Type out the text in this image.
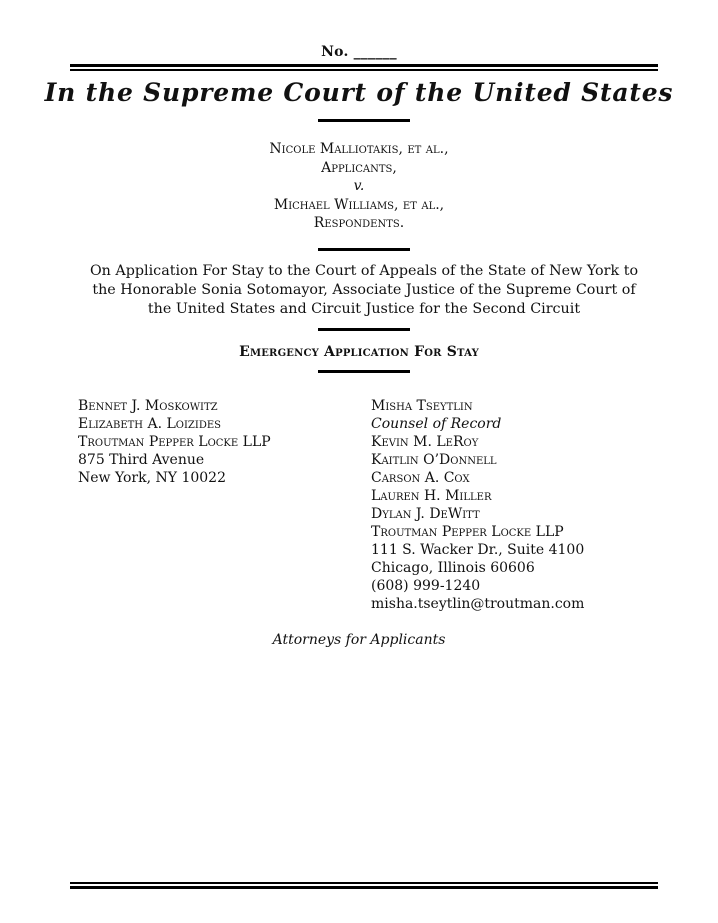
No. ______
In the Supreme Court of the United States
Nicole Malliotakis, et al.,
Applicants,
v.
Michael Williams, et al.,
Respondents.
On Application For Stay to the Court of Appeals of the State of New York to the Honorable Sonia Sotomayor, Associate Justice of the Supreme Court of the United States and Circuit Justice for the Second Circuit
Emergency Application For Stay
Bennet J. Moskowitz
Elizabeth A. Loizides
Troutman Pepper Locke LLP
875 Third Avenue
New York, NY 10022
Misha Tseytlin
Counsel of Record
Kevin M. LeRoy
Kaitlin O’Donnell
Carson A. Cox
Lauren H. Miller
Dylan J. DeWitt
Troutman Pepper Locke LLP
111 S. Wacker Dr., Suite 4100
Chicago, Illinois 60606
(608) 999-1240
misha.tseytlin@troutman.com
Attorneys for Applicants
